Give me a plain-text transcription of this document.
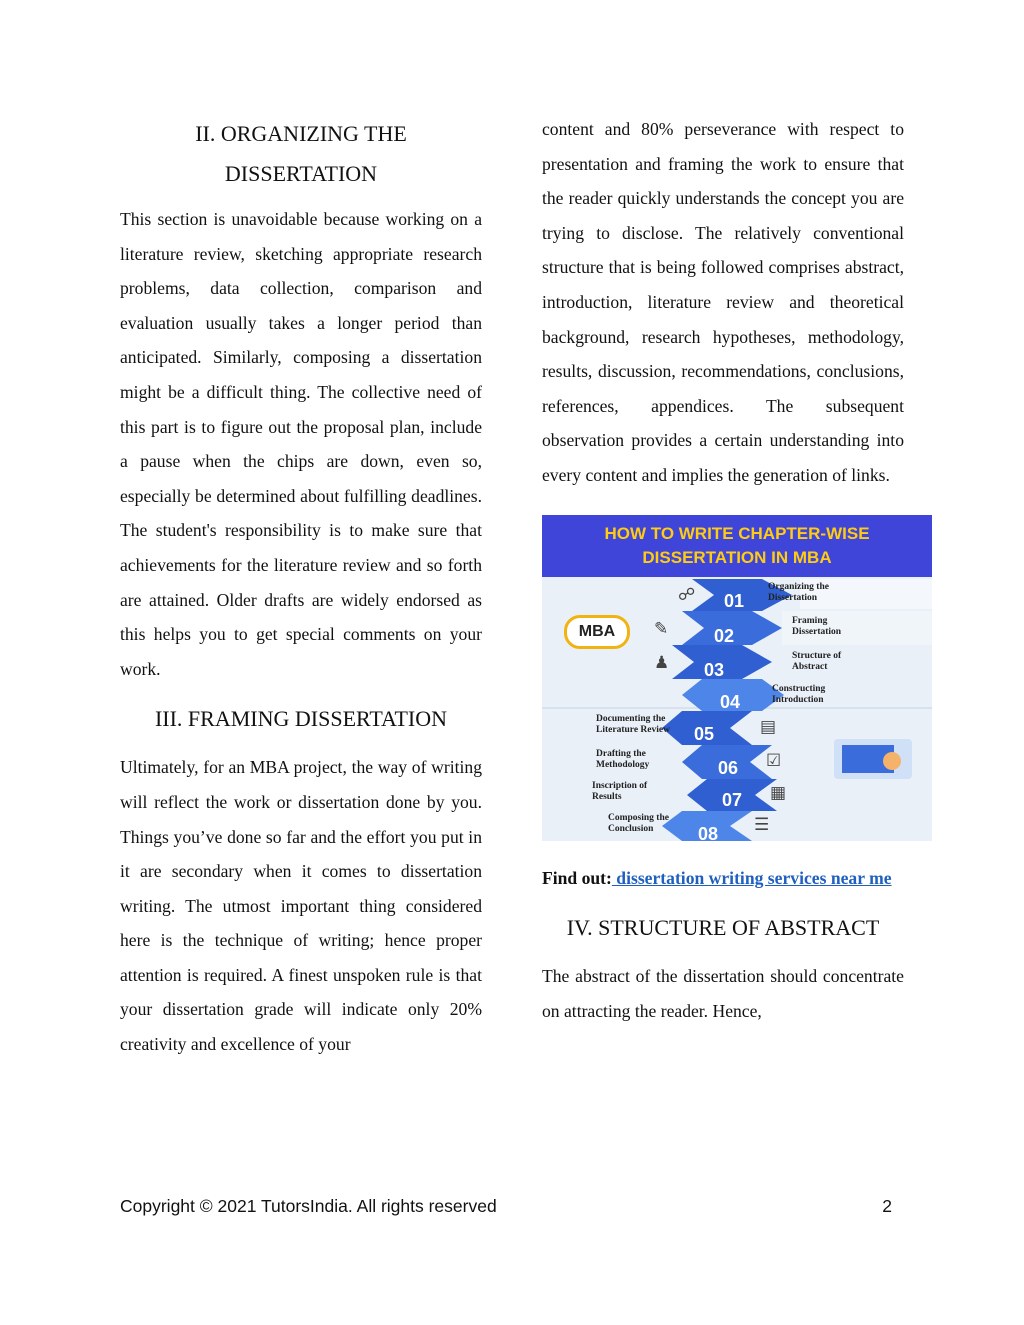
II. ORGANIZING THE
DISSERTATION

This section is unavoidable because working on a literature review, sketching appropriate research problems, data collection, comparison and evaluation usually takes a longer period than anticipated. Similarly, composing a dissertation might be a difficult thing. The collective need of this part is to figure out the proposal plan, include a pause when the chips are down, even so, especially be determined about fulfilling deadlines. The student's responsibility is to make sure that achievements for the literature review and so forth are attained. Older drafts are widely endorsed as this helps you to get special comments on your work.

III. FRAMING DISSERTATION

Ultimately, for an MBA project, the way of writing will reflect the work or dissertation done by you. Things you’ve done so far and the effort you put in it are secondary when it comes to dissertation writing. The utmost important thing considered here is the technique of writing; hence proper attention is required. A finest unspoken rule is that your dissertation grade will indicate only 20% creativity and excellence of your

content and 80% perseverance with respect to presentation and framing the work to ensure that the reader quickly understands the concept you are trying to disclose. The relatively conventional structure that is being followed comprises abstract, introduction, literature review and theoretical background, research hypotheses, methodology, results, discussion, recommendations, conclusions, references, appendices. The subsequent observation provides a certain understanding into every content and implies the generation of links.

HOW TO WRITE CHAPTER-WISE
DISSERTATION IN MBA
MBA
☍
✎
♟
▤
☑
▦
☰
01
02
03
04
05
06
07
08
Organizing the Dissertation
Framing Dissertation
Structure of Abstract
Constructing Introduction
Documenting the Literature Review
Drafting the Methodology
Inscription of Results
Composing the Conclusion

Find out: dissertation writing services near me

IV. STRUCTURE OF ABSTRACT

The abstract of the dissertation should concentrate on attracting the reader. Hence,

Copyright © 2021 TutorsIndia. All rights reserved	2
